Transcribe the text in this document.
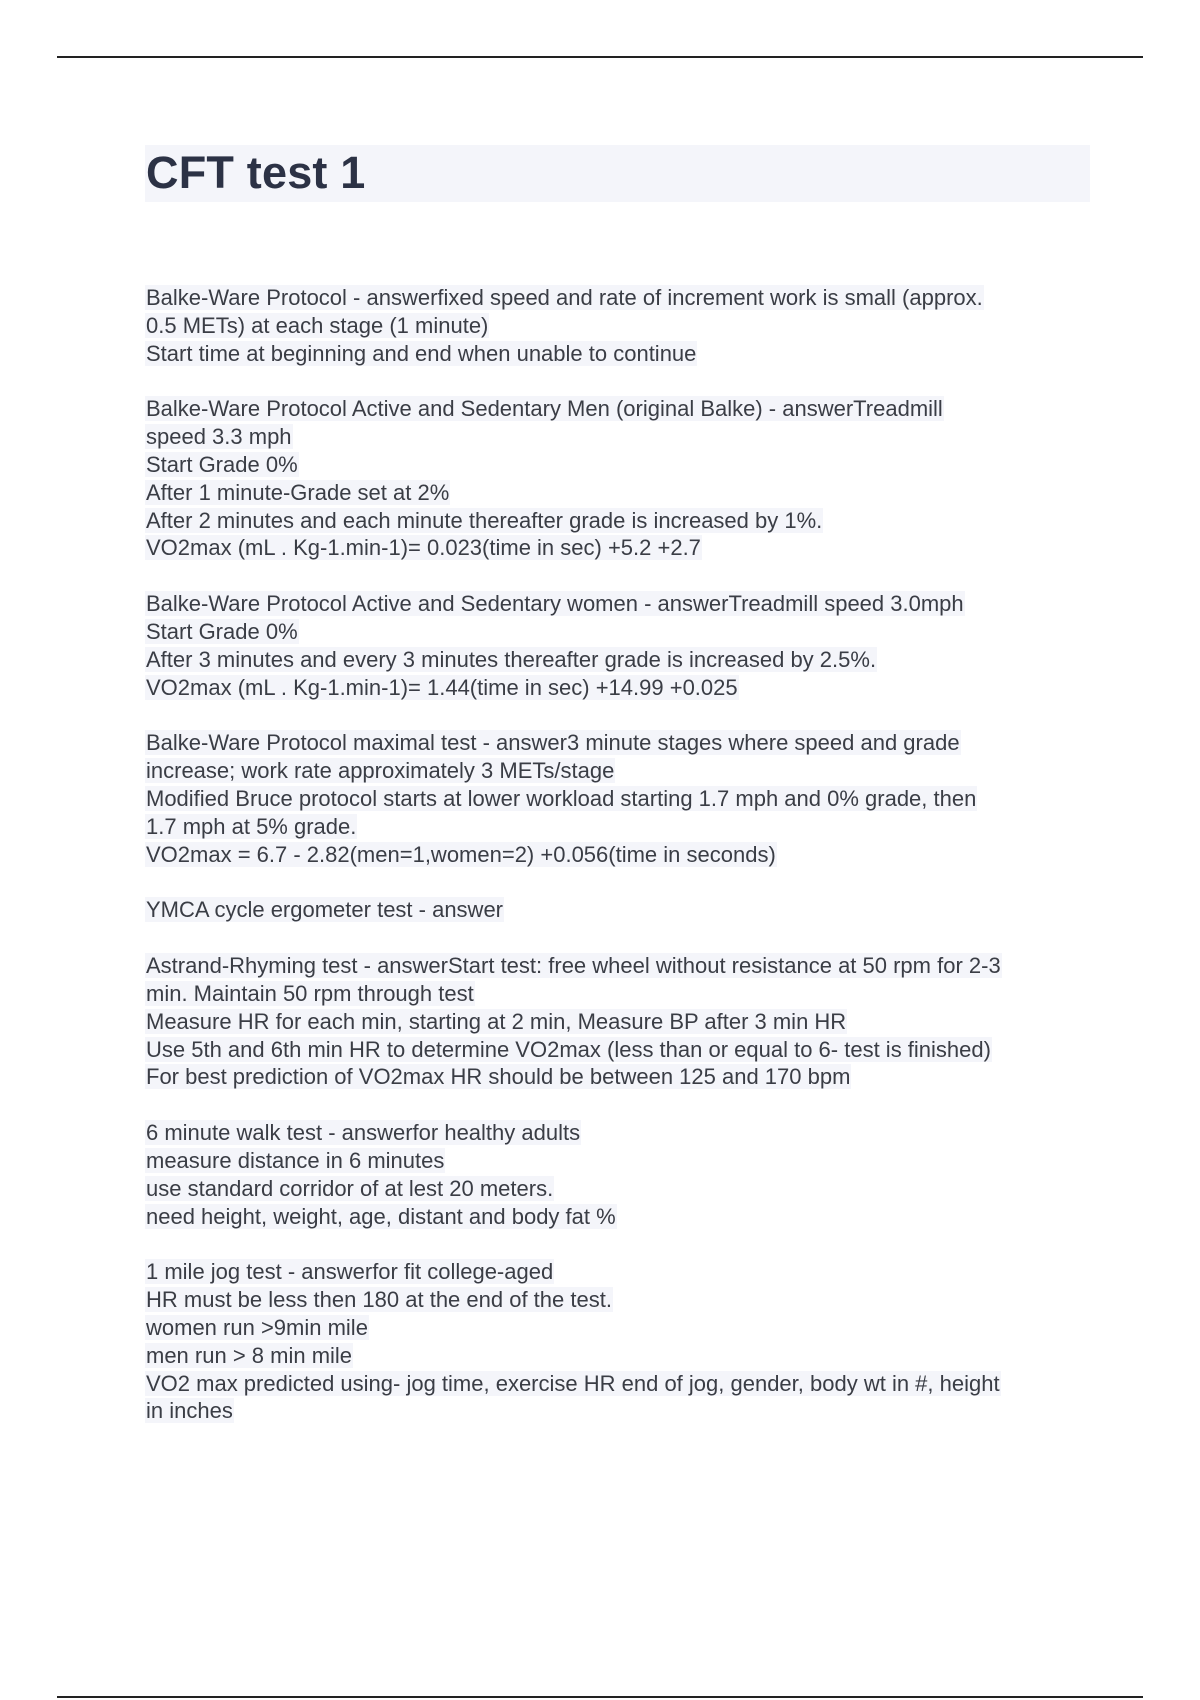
CFT test 1
Balke-Ware Protocol - answerfixed speed and rate of increment work is small (approx.
0.5 METs) at each stage (1 minute)
Start time at beginning and end when unable to continue
Balke-Ware Protocol Active and Sedentary Men (original Balke) - answerTreadmill
speed 3.3 mph
Start Grade 0%
After 1 minute-Grade set at 2%
After 2 minutes and each minute thereafter grade is increased by 1%.
VO2max (mL . Kg-1.min-1)= 0.023(time in sec) +5.2 +2.7
Balke-Ware Protocol Active and Sedentary women - answerTreadmill speed 3.0mph
Start Grade 0%
After 3 minutes and every 3 minutes thereafter grade is increased by 2.5%.
VO2max (mL . Kg-1.min-1)= 1.44(time in sec) +14.99 +0.025
Balke-Ware Protocol maximal test - answer3 minute stages where speed and grade
increase; work rate approximately 3 METs/stage
Modified Bruce protocol starts at lower workload starting 1.7 mph and 0% grade, then
1.7 mph at 5% grade.
VO2max = 6.7 - 2.82(men=1,women=2) +0.056(time in seconds)
YMCA cycle ergometer test - answer
Astrand-Rhyming test - answerStart test: free wheel without resistance at 50 rpm for 2-3
min. Maintain 50 rpm through test
Measure HR for each min, starting at 2 min, Measure BP after 3 min HR
Use 5th and 6th min HR to determine VO2max (less than or equal to 6- test is finished)
For best prediction of VO2max HR should be between 125 and 170 bpm
6 minute walk test - answerfor healthy adults
measure distance in 6 minutes
use standard corridor of at lest 20 meters.
need height, weight, age, distant and body fat %
1 mile jog test - answerfor fit college-aged
HR must be less then 180 at the end of the test.
women run >9min mile
men run > 8 min mile
VO2 max predicted using- jog time, exercise HR end of jog, gender, body wt in #, height
in inches
